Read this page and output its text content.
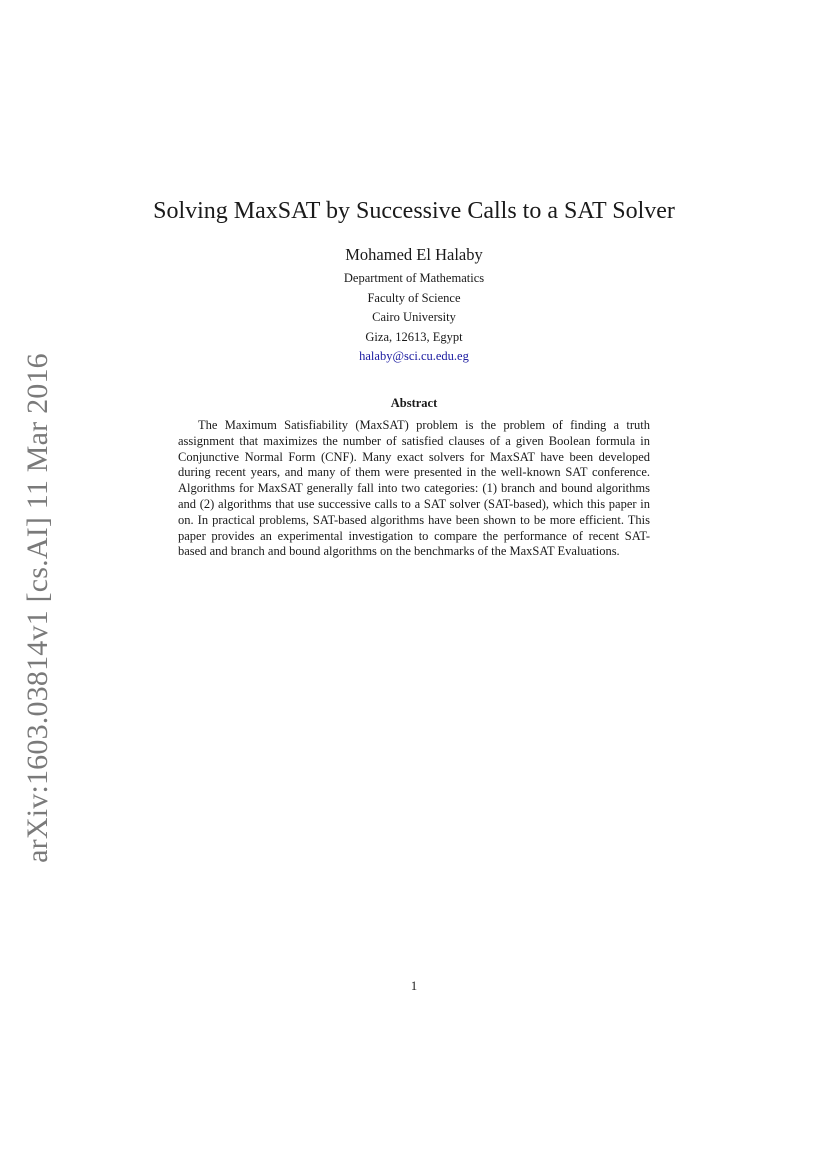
arXiv:1603.03814v1 [cs.AI] 11 Mar 2016
Solving MaxSAT by Successive Calls to a SAT Solver
Mohamed El Halaby
Department of Mathematics
Faculty of Science
Cairo University
Giza, 12613, Egypt
halaby@sci.cu.edu.eg
Abstract
The Maximum Satisfiability (MaxSAT) problem is the problem of finding a truth assignment that maximizes the number of satisfied clauses of a given Boolean formula in Conjunctive Normal Form (CNF). Many exact solvers for MaxSAT have been developed during recent years, and many of them were presented in the well-known SAT conference. Algorithms for MaxSAT generally fall into two categories: (1) branch and bound algorithms and (2) algorithms that use successive calls to a SAT solver (SAT-based), which this paper in on. In practical problems, SAT-based algorithms have been shown to be more efficient. This paper provides an experimental investigation to compare the performance of recent SAT-based and branch and bound algorithms on the benchmarks of the MaxSAT Evaluations.
1
